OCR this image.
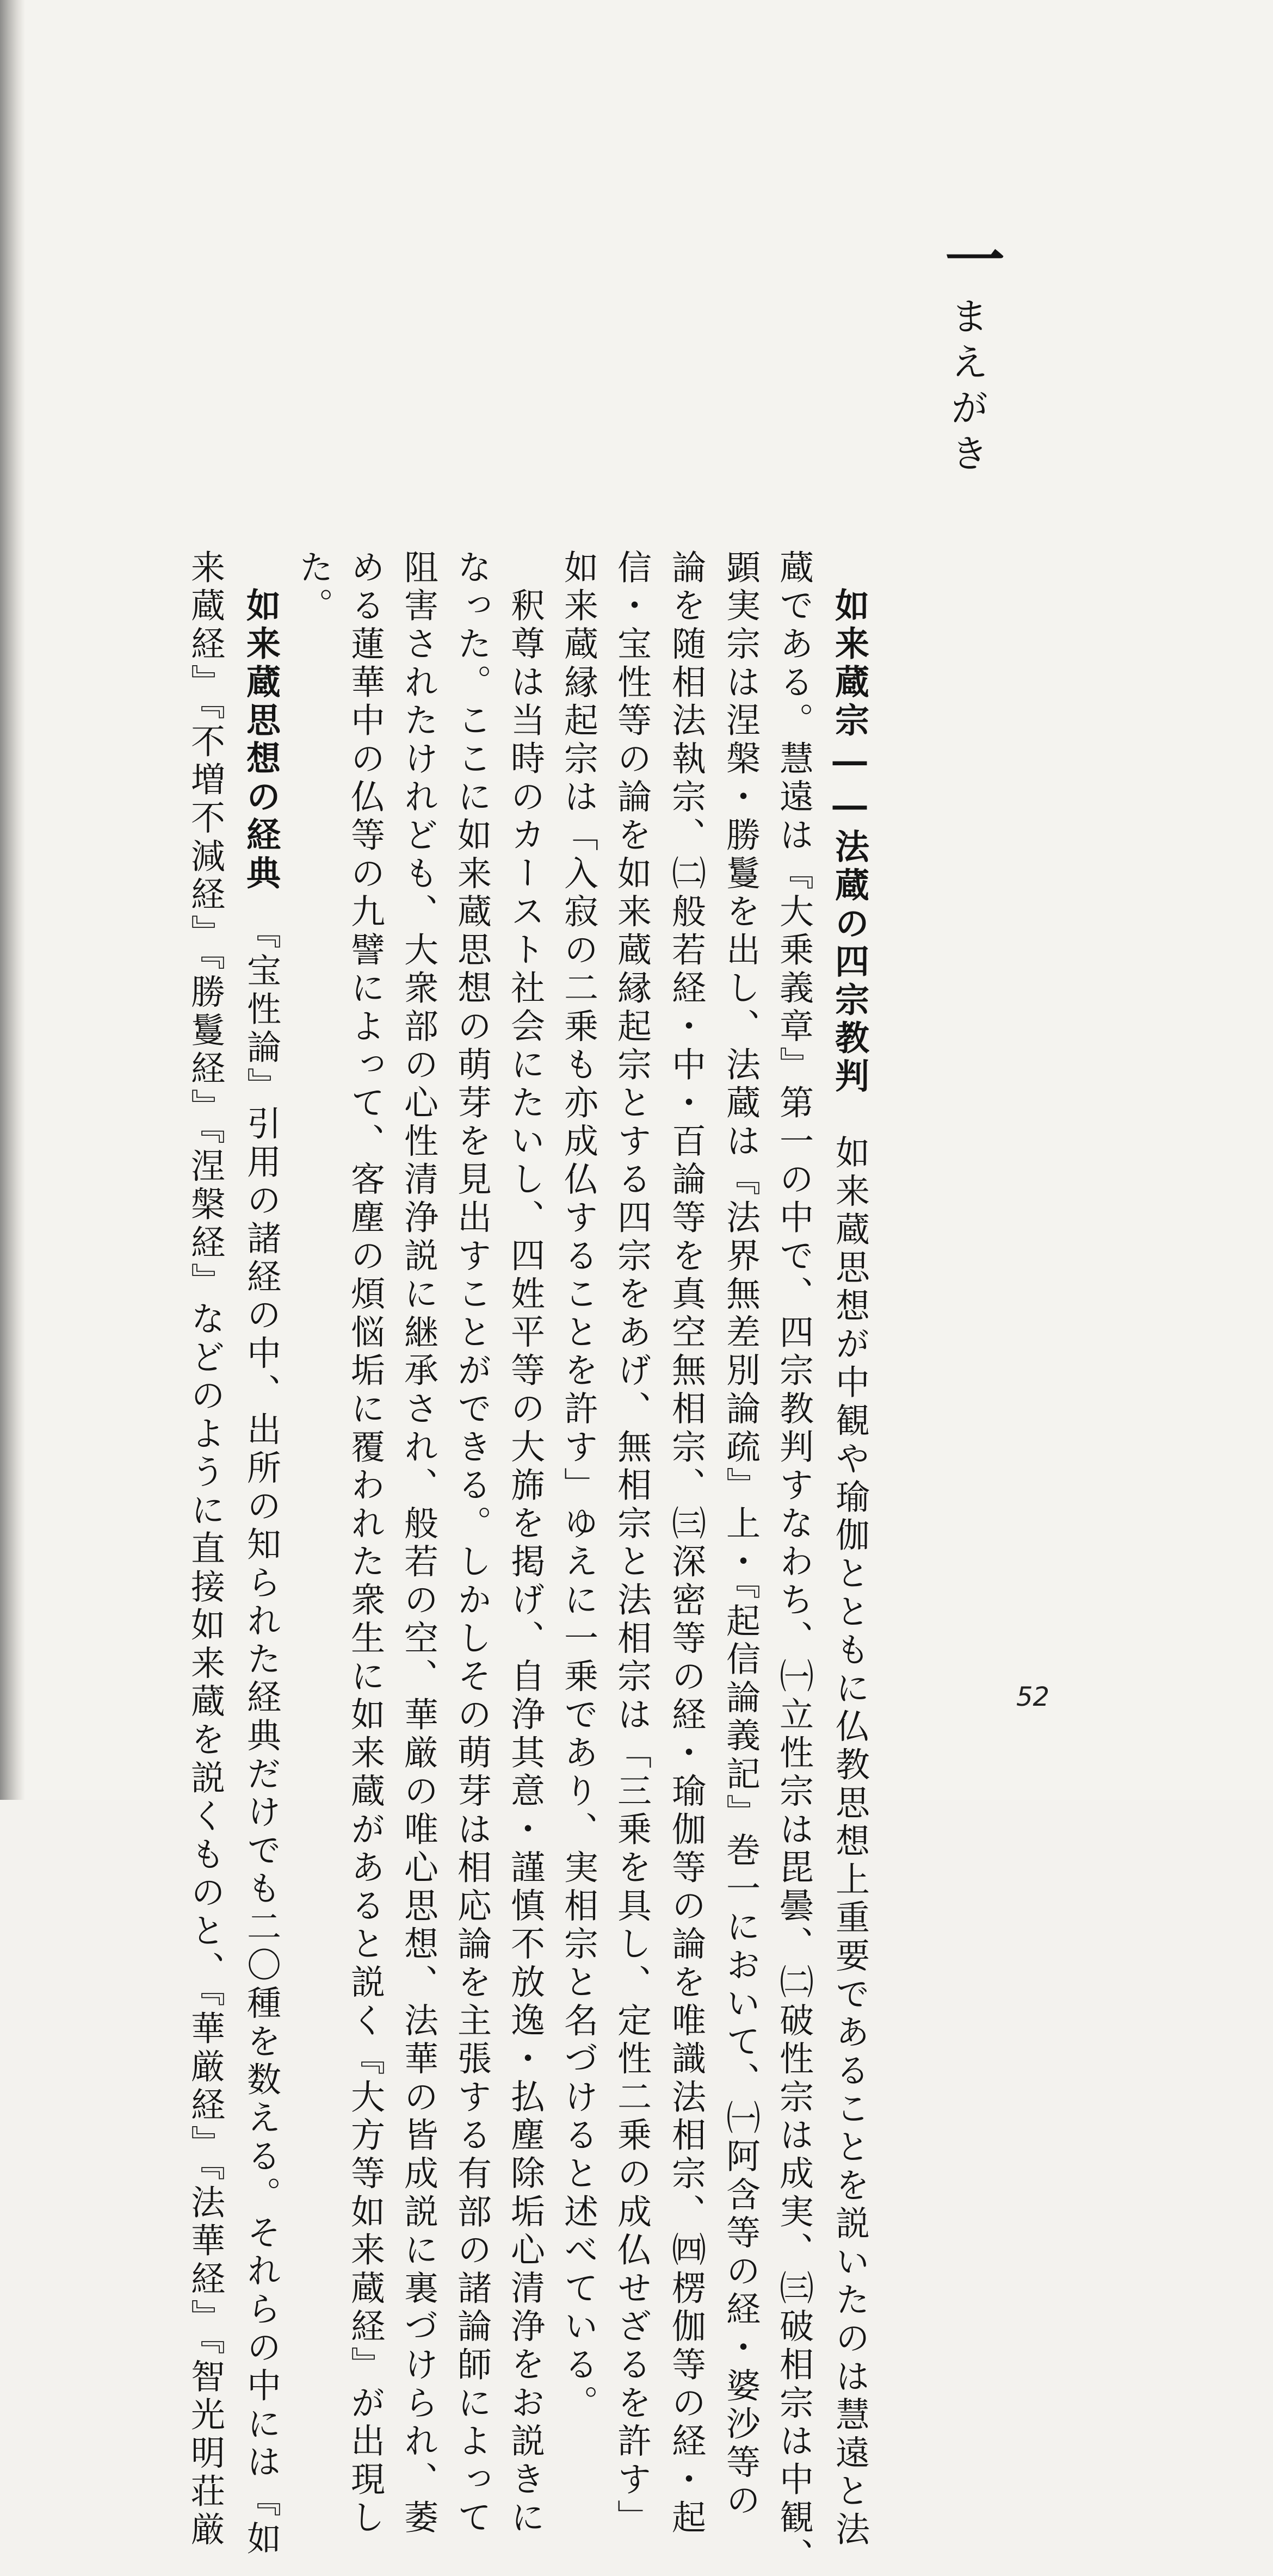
一
まえがき
如来蔵宗――法蔵の四宗教判　如来蔵思想が中観や瑜伽とともに仏教思想上重要であることを説いたのは慧遠と法
蔵である。慧遠は『大乗義章』第一の中で、四宗教判すなわち、㈠立性宗は毘曇、㈡破性宗は成実、㈢破相宗は中観、
顕実宗は涅槃・勝鬘を出し、法蔵は『法界無差別論疏』上・『起信論義記』巻一において、㈠阿含等の経・婆沙等の
論を随相法執宗、㈡般若経・中・百論等を真空無相宗、㈢深密等の経・瑜伽等の論を唯識法相宗、㈣楞伽等の経・起
信・宝性等の論を如来蔵縁起宗とする四宗をあげ、無相宗と法相宗は「三乗を具し、定性二乗の成仏せざるを許す」
如来蔵縁起宗は「入寂の二乗も亦成仏することを許す」ゆえに一乗であり、実相宗と名づけると述べている。
釈尊は当時のカースト社会にたいし、四姓平等の大旆を掲げ、自浄其意・謹慎不放逸・払塵除垢心清浄をお説きに
なった。ここに如来蔵思想の萌芽を見出すことができる。しかしその萌芽は相応論を主張する有部の諸論師によって
阻害されたけれども、大衆部の心性清浄説に継承され、般若の空、華厳の唯心思想、法華の皆成説に裏づけられ、萎
める蓮華中の仏等の九譬によって、客塵の煩悩垢に覆われた衆生に如来蔵があると説く『大方等如来蔵経』が出現し
た。
如来蔵思想の経典　『宝性論』引用の諸経の中、出所の知られた経典だけでも二〇種を数える。それらの中には『如
来蔵経』『不増不減経』『勝鬘経』『涅槃経』などのように直接如来蔵を説くものと、『華厳経』『法華経』『智光明荘厳	52
